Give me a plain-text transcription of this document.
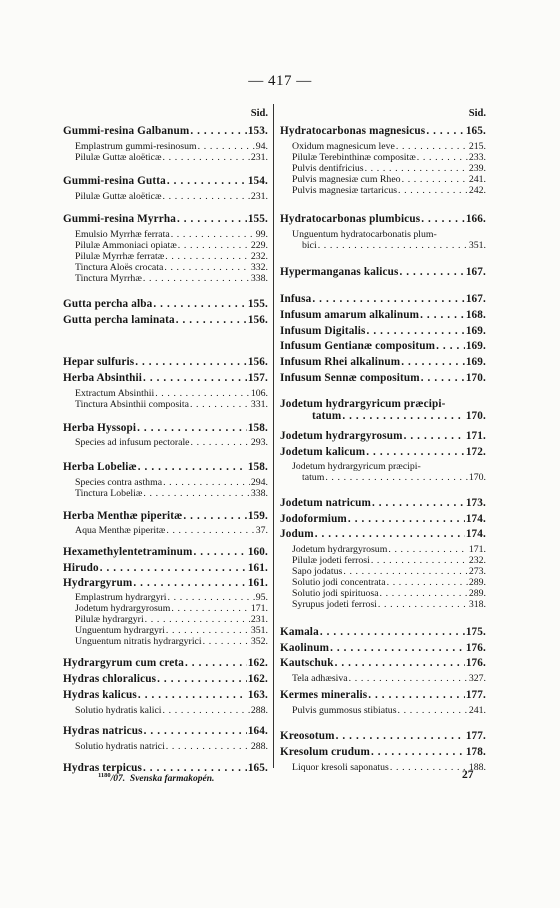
— 417 —
Sid.
Gummi-resina Galbanum . . .	153.
Emplastrum gummi-resinosum . . .	94.
Pilulæ Guttæ aloëticæ . . .	231.
Gummi-resina Gutta . . .	154.
Pilulæ Guttæ aloëticæ . . .	231.
Gummi-resina Myrrha . . .	155.
Emulsio Myrrhæ ferrata . . .	99.
Pilulæ Ammoniaci opiatæ . . .	229.
Pilulæ Myrrhæ ferratæ . . .	232.
Tinctura Aloës crocata . . .	332.
Tinctura Myrrhæ . . .	338.
Gutta percha alba . . .	155.
Gutta percha laminata . . .	156.
Hepar sulfuris . . .	156.
Herba Absinthii . . .	157.
Extractum Absinthii . . .	106.
Tinctura Absinthii composita . . .	331.
Herba Hyssopi . . .	158.
Species ad infusum pectorale . . .	293.
Herba Lobeliæ . . .	158.
Species contra asthma . . .	294.
Tinctura Lobeliæ . . .	338.
Herba Menthæ piperitæ . . .	159.
Aqua Menthæ piperitæ . . .	37.
Hexamethylentetraminum . . .	160.
Hirudo . . .	161.
Hydrargyrum . . .	161.
Emplastrum hydrargyri . . .	95.
Jodetum hydrargyrosum . . .	171.
Pilulæ hydrargyri . . .	231.
Unguentum hydrargyri . . .	351.
Unguentum nitratis hydrargyrici . . .	352.
Hydrargyrum cum creta . . .	162.
Hydras chloralicus . . .	162.
Hydras kalicus . . .	163.
Solutio hydratis kalici . . .	288.
Hydras natricus . . .	164.
Solutio hydratis natrici . . .	288.
Hydras terpicus . . .	165.
Sid.
Hydratocarbonas magnesicus . . .	165.
Oxidum magnesicum leve . . .	215.
Pilulæ Terebinthinæ compositæ . . .	233.
Pulvis dentifricius . . .	239.
Pulvis magnesiæ cum Rheo . . .	241.
Pulvis magnesiæ tartaricus . . .	242.
Hydratocarbonas plumbicus . . .	166.
Unguentum hydratocarbonatis plum-
bici . . .	351.
Hypermanganas kalicus . . .	167.
Infusa . . .	167.
Infusum amarum alkalinum . . .	168.
Infusum Digitalis . . .	169.
Infusum Gentianæ compositum . . .	169.
Infusum Rhei alkalinum . . .	169.
Infusum Sennæ compositum . . .	170.
Jodetum hydrargyricum præcipi-
tatum . . .	170.
Jodetum hydrargyrosum . . .	171.
Jodetum kalicum . . .	172.
Jodetum hydrargyricum præcipi-
tatum . . .	170.
Jodetum natricum . . .	173.
Jodoformium . . .	174.
Jodum . . .	174.
Jodetum hydrargyrosum . . .	171.
Pilulæ jodeti ferrosi . . .	232.
Sapo jodatus . . .	273.
Solutio jodi concentrata . . .	289.
Solutio jodi spirituosa . . .	289.
Syrupus jodeti ferrosi . . .	318.
Kamala . . .	175.
Kaolinum . . .	176.
Kautschuk . . .	176.
Tela adhæsiva . . .	327.
Kermes mineralis . . .	177.
Pulvis gummosus stibiatus . . .	241.
Kreosotum . . .	177.
Kresolum crudum . . .	178.
Liquor kresoli saponatus . . .	188.
$^{1180}$/07. Svenska farmakopén.	27
